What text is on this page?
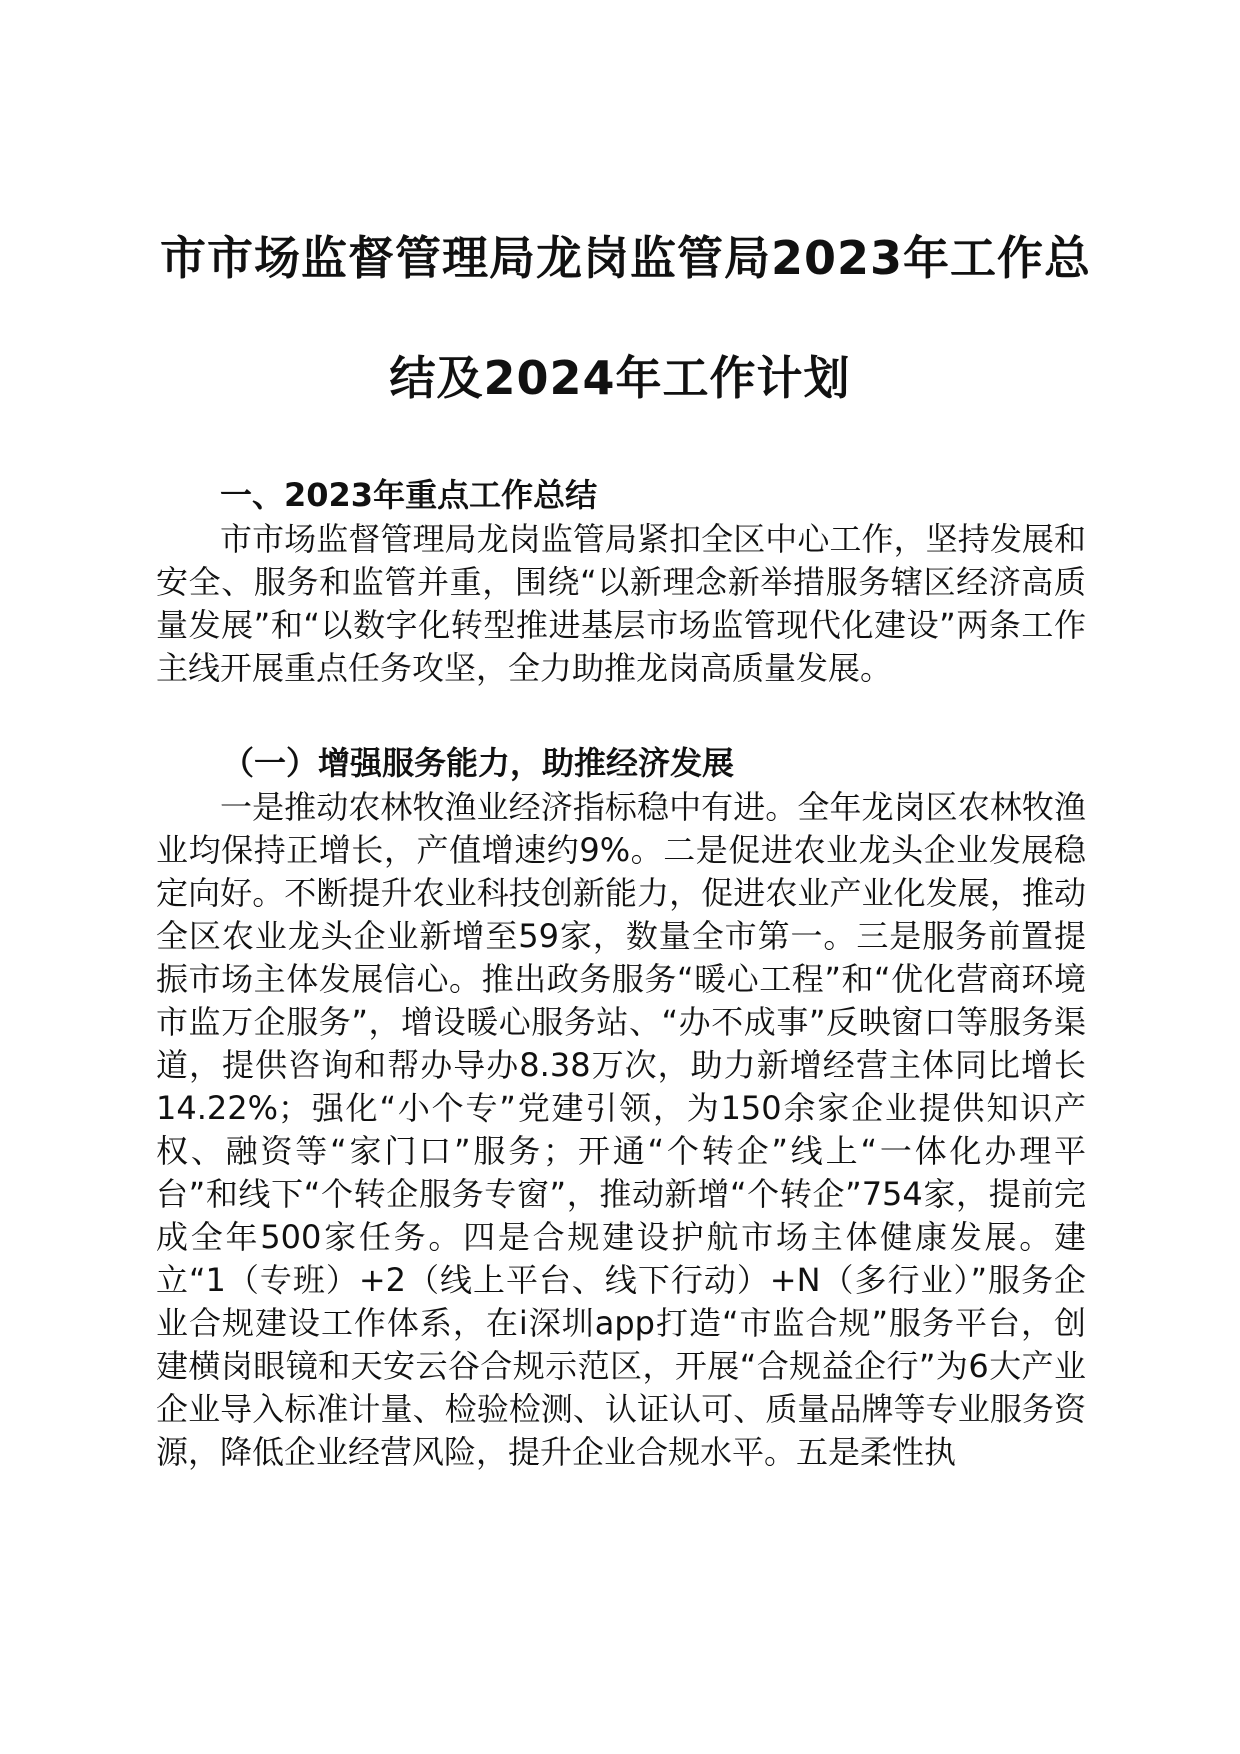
市市场监督管理局龙岗监管局2023年工作总
结及2024年工作计划
一、2023年重点工作总结

市市场监督管理局龙岗监管局紧扣全区中心工作，坚持发展和安全、服务和监管并重，围绕“以新理念新举措服务辖区经济高质量发展”和“以数字化转型推进基层市场监管现代化建设”两条工作主线开展重点任务攻坚，全力助推龙岗高质量发展。

（一）增强服务能力，助推经济发展

一是推动农林牧渔业经济指标稳中有进。全年龙岗区农林牧渔业均保持正增长，产值增速约9%。二是促进农业龙头企业发展稳定向好。不断提升农业科技创新能力，促进农业产业化发展，推动全区农业龙头企业新增至59家，数量全市第一。三是服务前置提振市场主体发展信心。推出政务服务“暖心工程”和“优化营商环境市监万企服务”，增设暖心服务站、“办不成事”反映窗口等服务渠道，提供咨询和帮办导办8.38万次，助力新增经营主体同比增长14.22%；强化“小个专”党建引领，为150余家企业提供知识产权、融资等“家门口”服务；开通“个转企”线上“一体化办理平台”和线下“个转企服务专窗”，推动新增“个转企”754家，提前完成全年500家任务。四是合规建设护航市场主体健康发展。建立“1（专班）+2（线上平台、线下行动）+N（多行业）”服务企业合规建设工作体系，在i深圳app打造“市监合规”服务平台，创建横岗眼镜和天安云谷合规示范区，开展“合规益企行”为6大产业企业导入标准计量、检验检测、认证认可、质量品牌等专业服务资源，降低企业经营风险，提升企业合规水平。五是柔性执
